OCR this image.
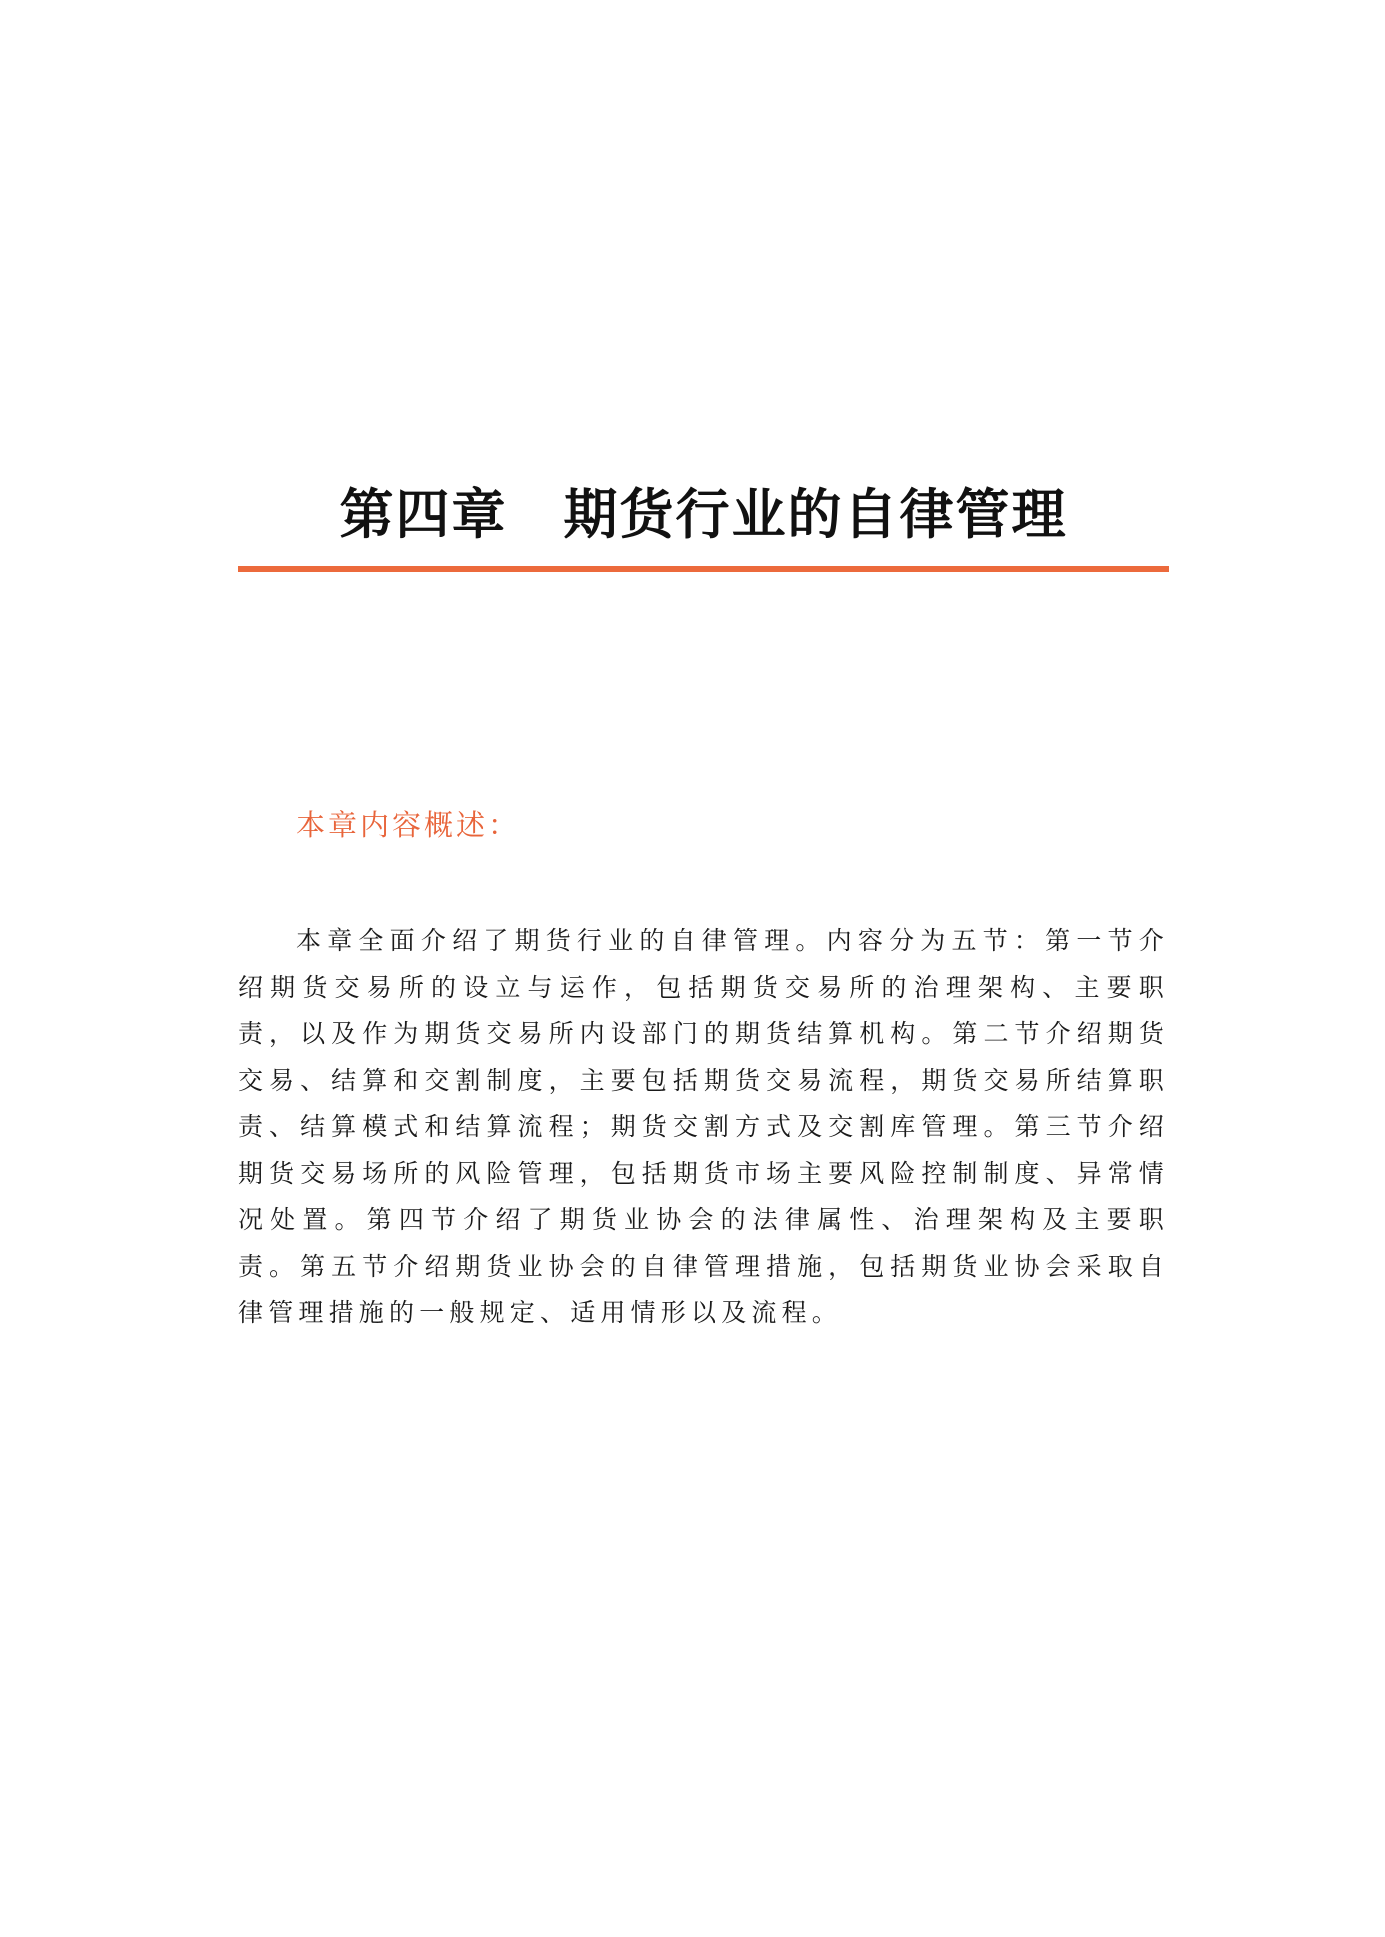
第四章　期货行业的自律管理
本章内容概述：

本章全面介绍了期货行业的自律管理。内容分为五节：第一节介绍期货交易所的设立与运作，包括期货交易所的治理架构、主要职责，以及作为期货交易所内设部门的期货结算机构。第二节介绍期货交易、结算和交割制度，主要包括期货交易流程，期货交易所结算职责、结算模式和结算流程；期货交割方式及交割库管理。第三节介绍期货交易场所的风险管理，包括期货市场主要风险控制制度、异常情况处置。第四节介绍了期货业协会的法律属性、治理架构及主要职责。第五节介绍期货业协会的自律管理措施，包括期货业协会采取自律管理措施的一般规定、适用情形以及流程。
